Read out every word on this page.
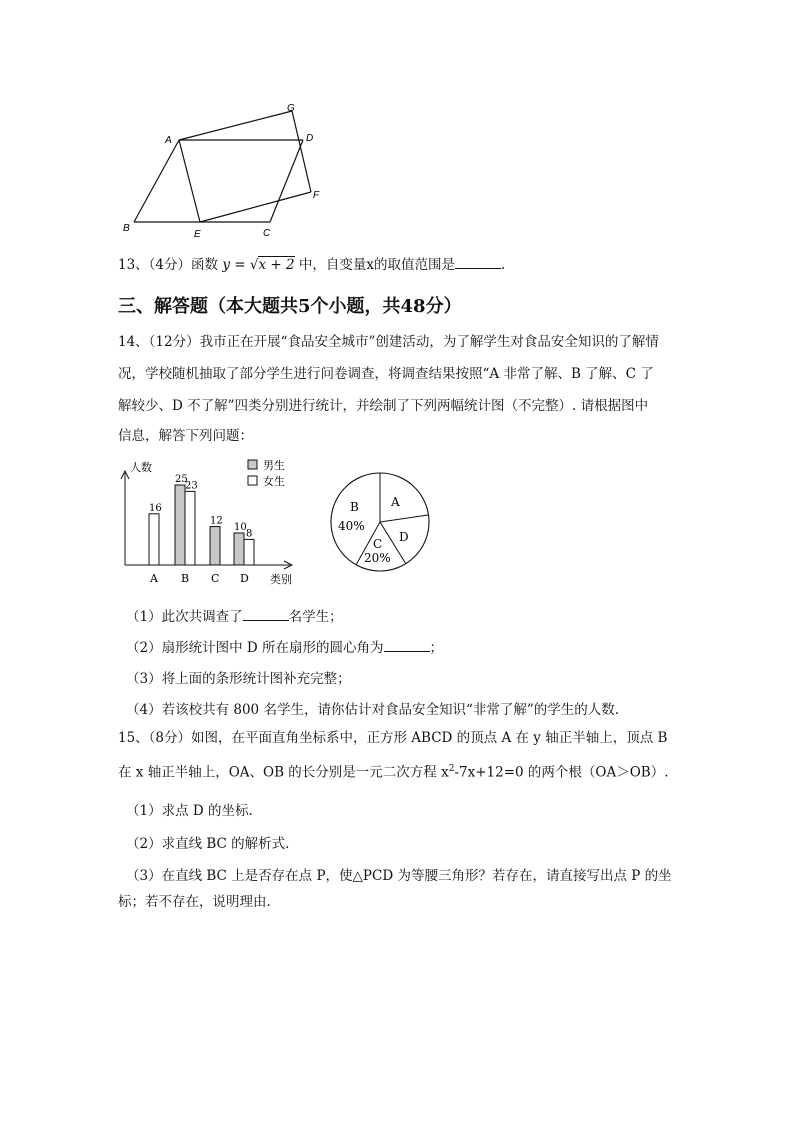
A
B	C
D
E
F
G
13、（4分）函数 y = √x + 2 中，自变量x的取值范围是	.
三、解答题（本大题共5个小题，共48分）
14、（12分）我市正在开展“食品安全城市”创建活动，为了解学生对食品安全知识的了解情
况，学校随机抽取了部分学生进行问卷调查，将调查结果按照“A 非常了解、B 了解、C 了
解较少、D 不了解”四类分别进行统计，并绘制了下列两幅统计图（不完整）. 请根据图中
信息，解答下列问题：
人数
类别
A
16
B
25
23
C
12
D
10
8
男生
女生
A
B
40%
C
20%
D
（1）此次共调查了	名学生；
（2）扇形统计图中 D 所在扇形的圆心角为	；
（3）将上面的条形统计图补充完整；
（4）若该校共有 800 名学生，请你估计对食品安全知识“非常了解”的学生的人数.
15、（8分）如图，在平面直角坐标系中，正方形 ABCD 的顶点 A 在 y 轴正半轴上，顶点 B
在 x 轴正半轴上，OA、OB 的长分别是一元二次方程 $x^2-7x+12=0$ 的两个根（OA＞OB）.
（1）求点 D 的坐标.
（2）求直线 BC 的解析式.
（3）在直线 BC 上是否存在点 P，使△PCD 为等腰三角形？若存在，请直接写出点 P 的坐
标；若不存在，说明理由.
